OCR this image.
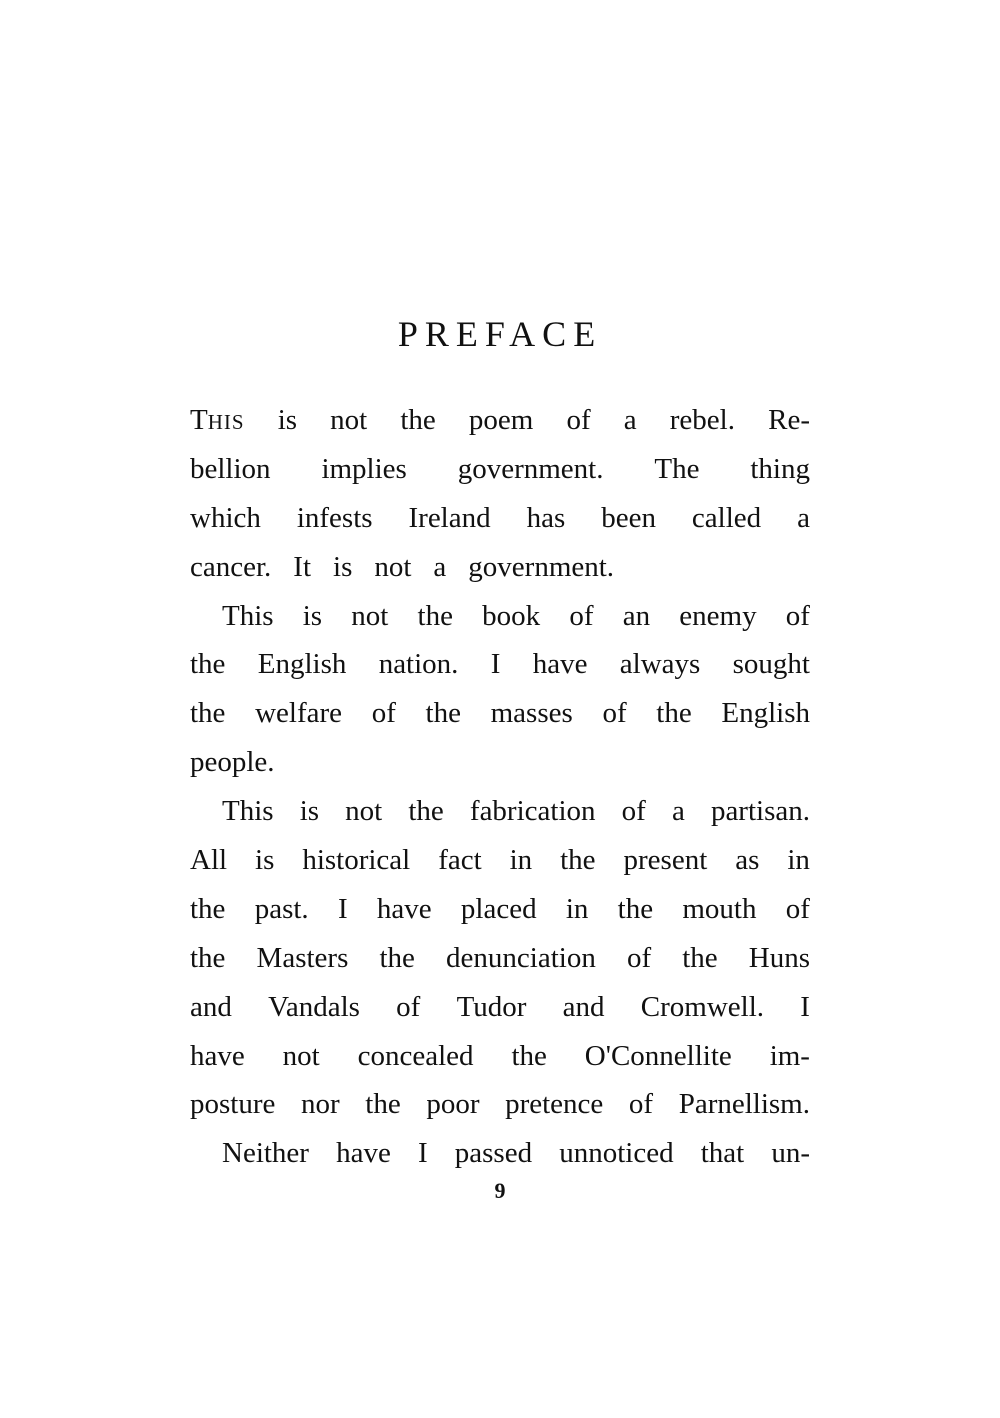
PREFACE
THIS is not the poem of a rebel. Re-
bellion implies government. The thing
which infests Ireland has been called a
cancer. It is not a government.
This is not the book of an enemy of
the English nation. I have always sought
the welfare of the masses of the English
people.
This is not the fabrication of a partisan.
All is historical fact in the present as in
the past. I have placed in the mouth of
the Masters the denunciation of the Huns
and Vandals of Tudor and Cromwell. I
have not concealed the O'Connellite im-
posture nor the poor pretence of Parnellism.
Neither have I passed unnoticed that un-
9
